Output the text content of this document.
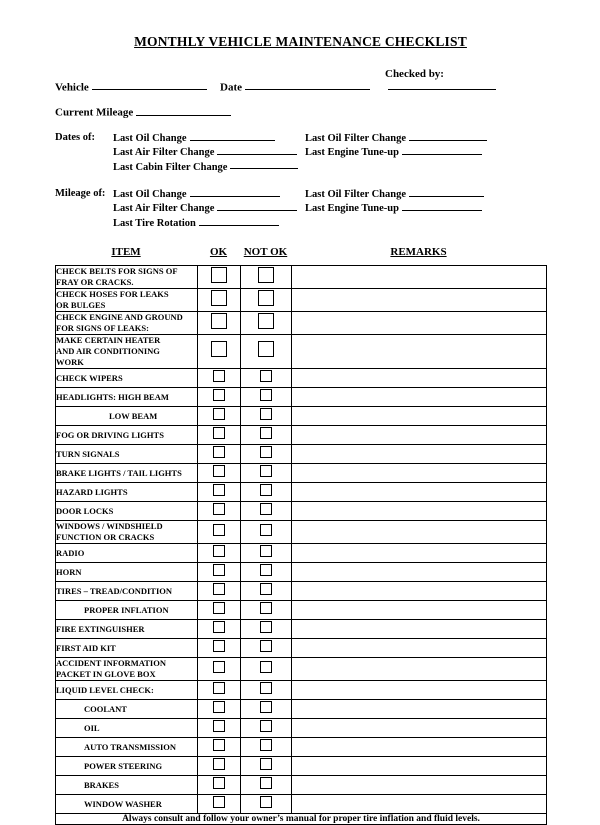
MONTHLY VEHICLE MAINTENANCE CHECKLIST
Vehicle	Date
Checked by:
Current Mileage
Dates of:	Last Oil Change	Last Oil Filter Change
Last Air Filter Change	Last Engine Tune-up
Last Cabin Filter Change
Mileage of: Last Oil Change	Last Oil Filter Change
Last Air Filter Change	Last Engine Tune-up
Last Tire Rotation
ITEM	OK	NOT OK	REMARKS
CHECK BELTS FOR SIGNS OF
FRAY OR CRACKS.			

CHECK HOSES FOR LEAKS
OR BULGES			

CHECK ENGINE AND GROUND
FOR SIGNS OF LEAKS:			

MAKE CERTAIN HEATER
AND AIR CONDITIONING
WORK			

CHECK WIPERS			

HEADLIGHTS: HIGH BEAM			

LOW BEAM			

FOG OR DRIVING LIGHTS			

TURN SIGNALS			

BRAKE LIGHTS / TAIL LIGHTS			

HAZARD LIGHTS			

DOOR LOCKS			

WINDOWS / WINDSHIELD
FUNCTION OR CRACKS			

RADIO			

HORN			

TIRES – TREAD/CONDITION			

PROPER INFLATION			

FIRE EXTINGUISHER			

FIRST AID KIT			

ACCIDENT INFORMATION
PACKET IN GLOVE BOX			

LIQUID LEVEL CHECK:			

COOLANT			

OIL			

AUTO TRANSMISSION			

POWER STEERING			

BRAKES			

WINDOW WASHER			

Always consult and follow your owner’s manual for proper tire inflation and fluid levels.			
